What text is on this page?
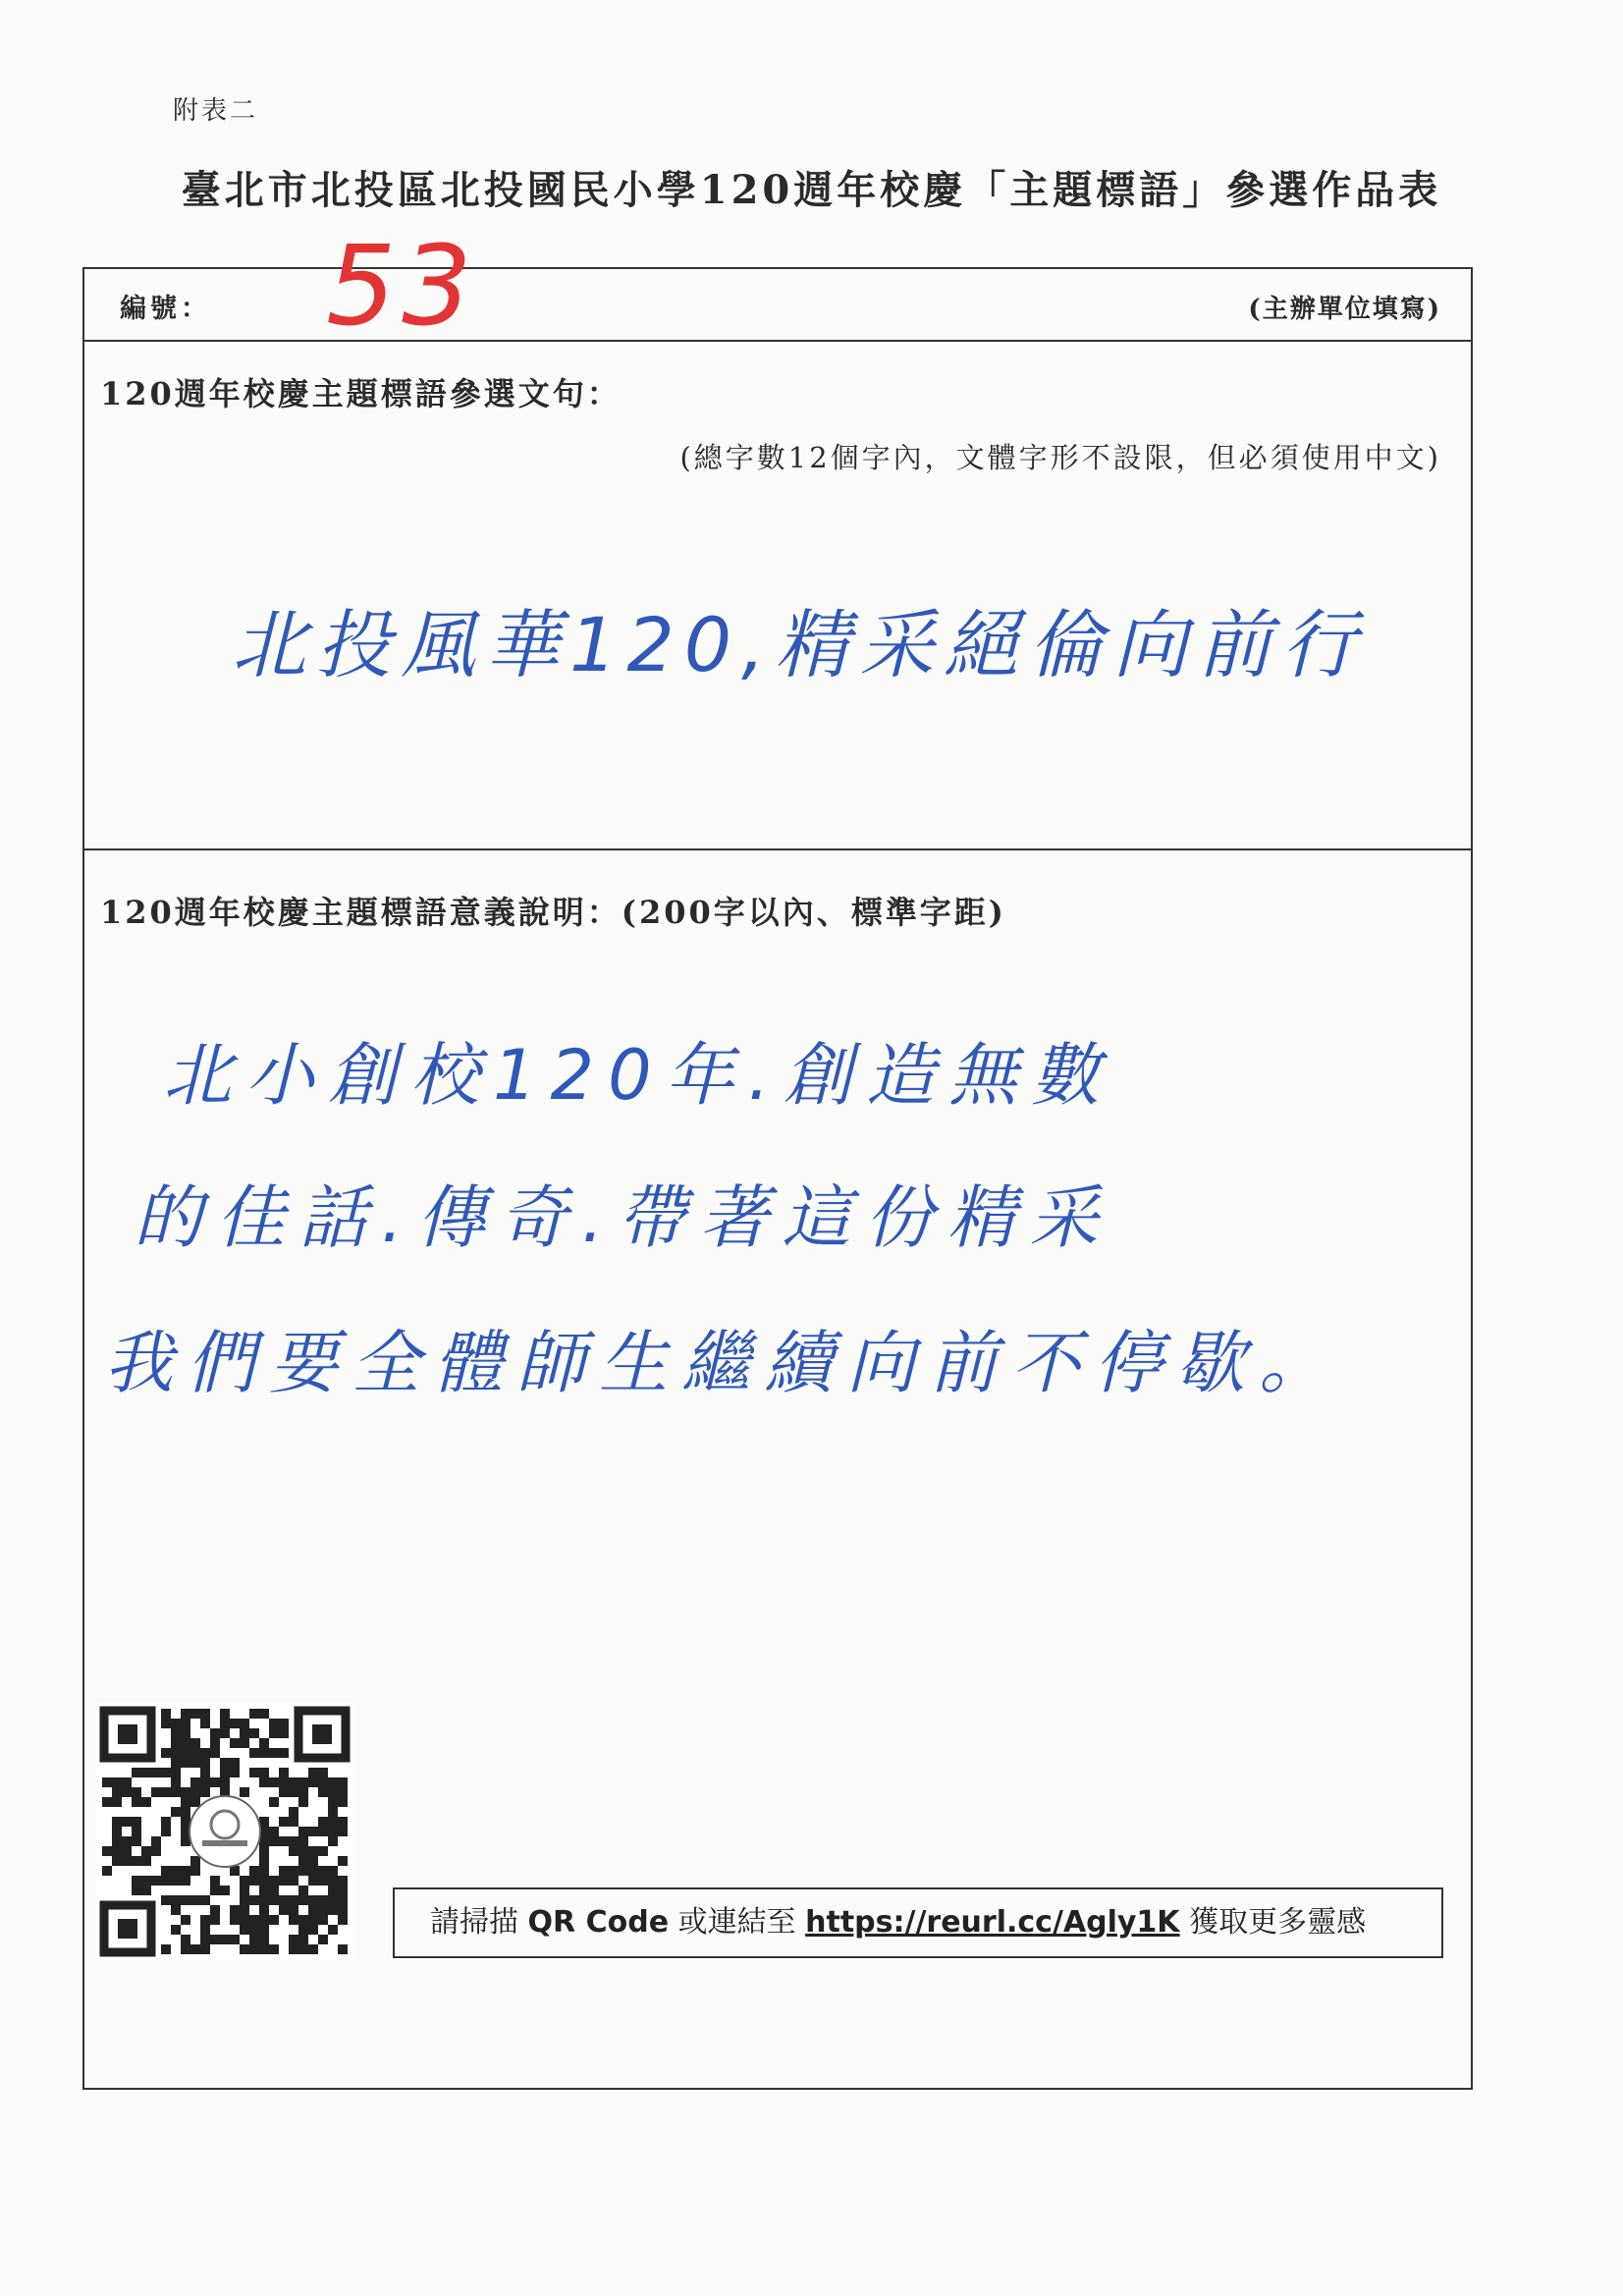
附表二
臺北市北投區北投國民小學120週年校慶「主題標語」參選作品表
編號： 53	(主辦單位填寫)
120週年校慶主題標語參選文句：
(總字數12個字內，文體字形不設限，但必須使用中文)
北投風華120,精采絕倫向前行
120週年校慶主題標語意義說明：(200字以內、標準字距)
北小創校120年.創造無數
的佳話.傳奇.帶著這份精采
我們要全體師生繼續向前不停歇。
請掃描 QR Code 或連結至 https://reurl.cc/Agly1K 獲取更多靈感
